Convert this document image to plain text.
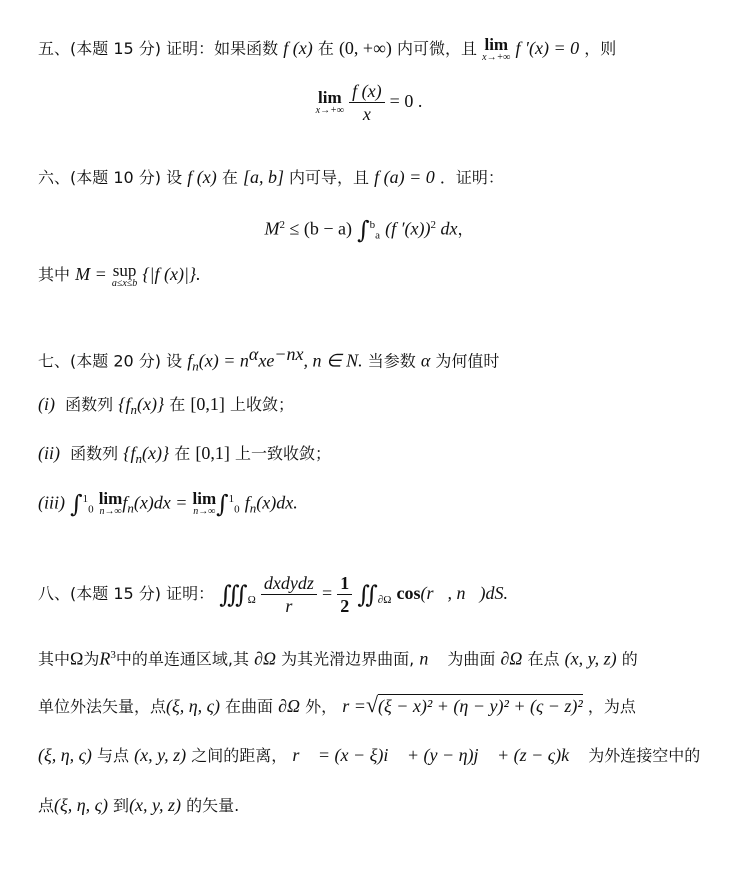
五、(本题 15 分) 证明：如果函数 f (x) 在 (0, +∞) 内可微，且 lim
x→+∞ f ′(x) = 0 ，则
lim
x→+∞
$\frac{f (x)}{x} = 0$ .
六、(本题 10 分) 设 f (x) 在 [a, b] 内可导，且 f (a) = 0 ．证明：
$M^2 \le (b - a)$ ∫$^b_a$ (f ′(x))$^2$ dx，
其中 M = sup
a≤x≤b {|f (x)|}.
七、(本题 20 分) 设 $f_n(x) = n^\alpha xe^{-nx}$, n ∈ N. 当参数 α 为何值时
(i) 函数列 $\{f_n(x)\}$ 在 [0,1] 上收敛；
(ii) 函数列 $\{f_n(x)\}$ 在 [0,1] 上一致收敛；
(iii) ∫$^1_0$
lim
n→∞ $f_n(x)dx = \lim$
n→∞ ∫$^1_0$ $f_n(x)dx$.
八、(本题 15 分) 证明： $∭_\Omega \frac{\text{dxdydz}}{r} = \frac{1}{2}$ $∬_{\partial\Omega}$ cos(r⃗, n⃗)dS.
其中Ω为$R^3$中的单连通区域,其 ∂Ω 为其光滑边界曲面, n⃗ 为曲面 ∂Ω 在点 (x, y, z) 的
单位外法矢量，点(ξ, η, ς) 在曲面 ∂Ω 外， r =√(ξ − x)² + (η − y)² + (ς − z)² ，为点
(ξ, η, ς) 与点 (x, y, z) 之间的距离， r⃗ = (x − ξ)i⃗ + (y − η)j⃗ + (z − ς)k⃗ 为外连接空中的
点(ξ, η, ς) 到(x, y, z) 的矢量.
